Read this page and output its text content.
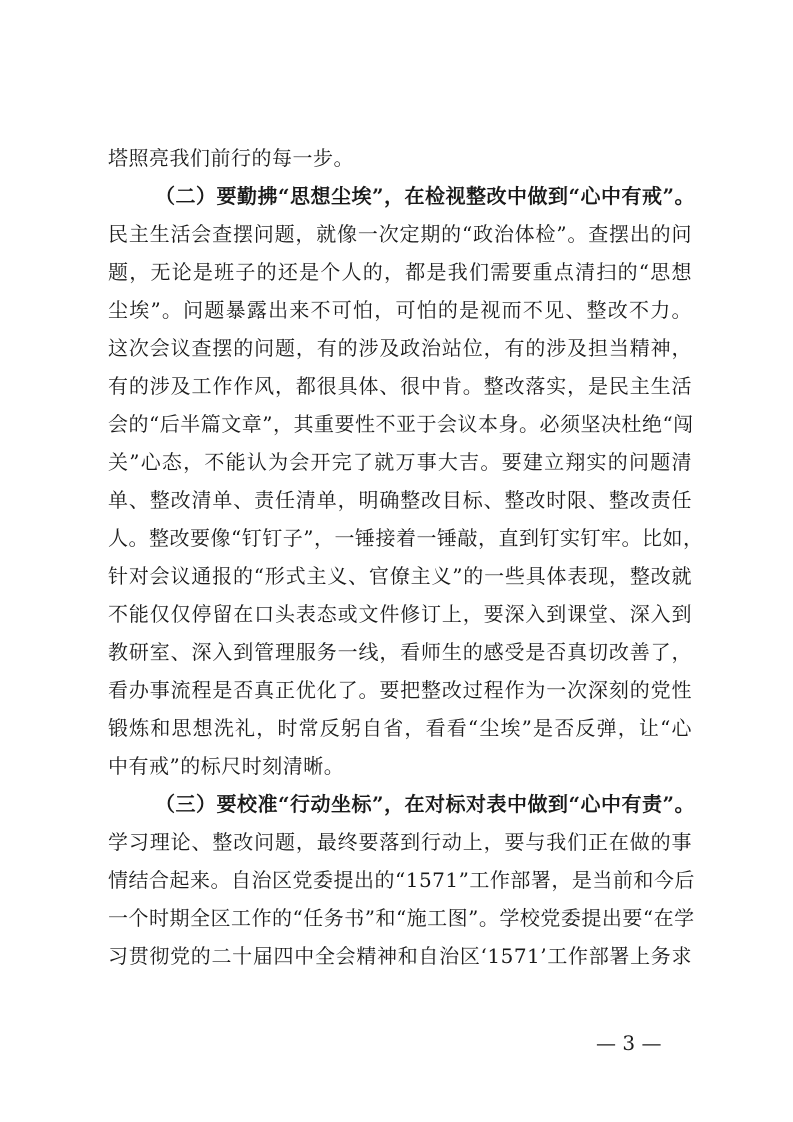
塔照亮我们前行的每一步。
（二）要勤拂“思想尘埃”，在检视整改中做到“心中有戒”。
民主生活会查摆问题，就像一次定期的“政治体检”。查摆出的问
题，无论是班子的还是个人的，都是我们需要重点清扫的“思想
尘埃”。问题暴露出来不可怕，可怕的是视而不见、整改不力。
这次会议查摆的问题，有的涉及政治站位，有的涉及担当精神，
有的涉及工作作风，都很具体、很中肯。整改落实，是民主生活
会的“后半篇文章”，其重要性不亚于会议本身。必须坚决杜绝“闯
关”心态，不能认为会开完了就万事大吉。要建立翔实的问题清
单、整改清单、责任清单，明确整改目标、整改时限、整改责任
人。整改要像“钉钉子”，一锤接着一锤敲，直到钉实钉牢。比如，
针对会议通报的“形式主义、官僚主义”的一些具体表现，整改就
不能仅仅停留在口头表态或文件修订上，要深入到课堂、深入到
教研室、深入到管理服务一线，看师生的感受是否真切改善了，
看办事流程是否真正优化了。要把整改过程作为一次深刻的党性
锻炼和思想洗礼，时常反躬自省，看看“尘埃”是否反弹，让“心
中有戒”的标尺时刻清晰。
（三）要校准“行动坐标”，在对标对表中做到“心中有责”。
学习理论、整改问题，最终要落到行动上，要与我们正在做的事
情结合起来。自治区党委提出的“1571”工作部署，是当前和今后
一个时期全区工作的“任务书”和“施工图”。学校党委提出要“在学
习贯彻党的二十届四中全会精神和自治区‘1571’工作部署上务求
— 3 —
